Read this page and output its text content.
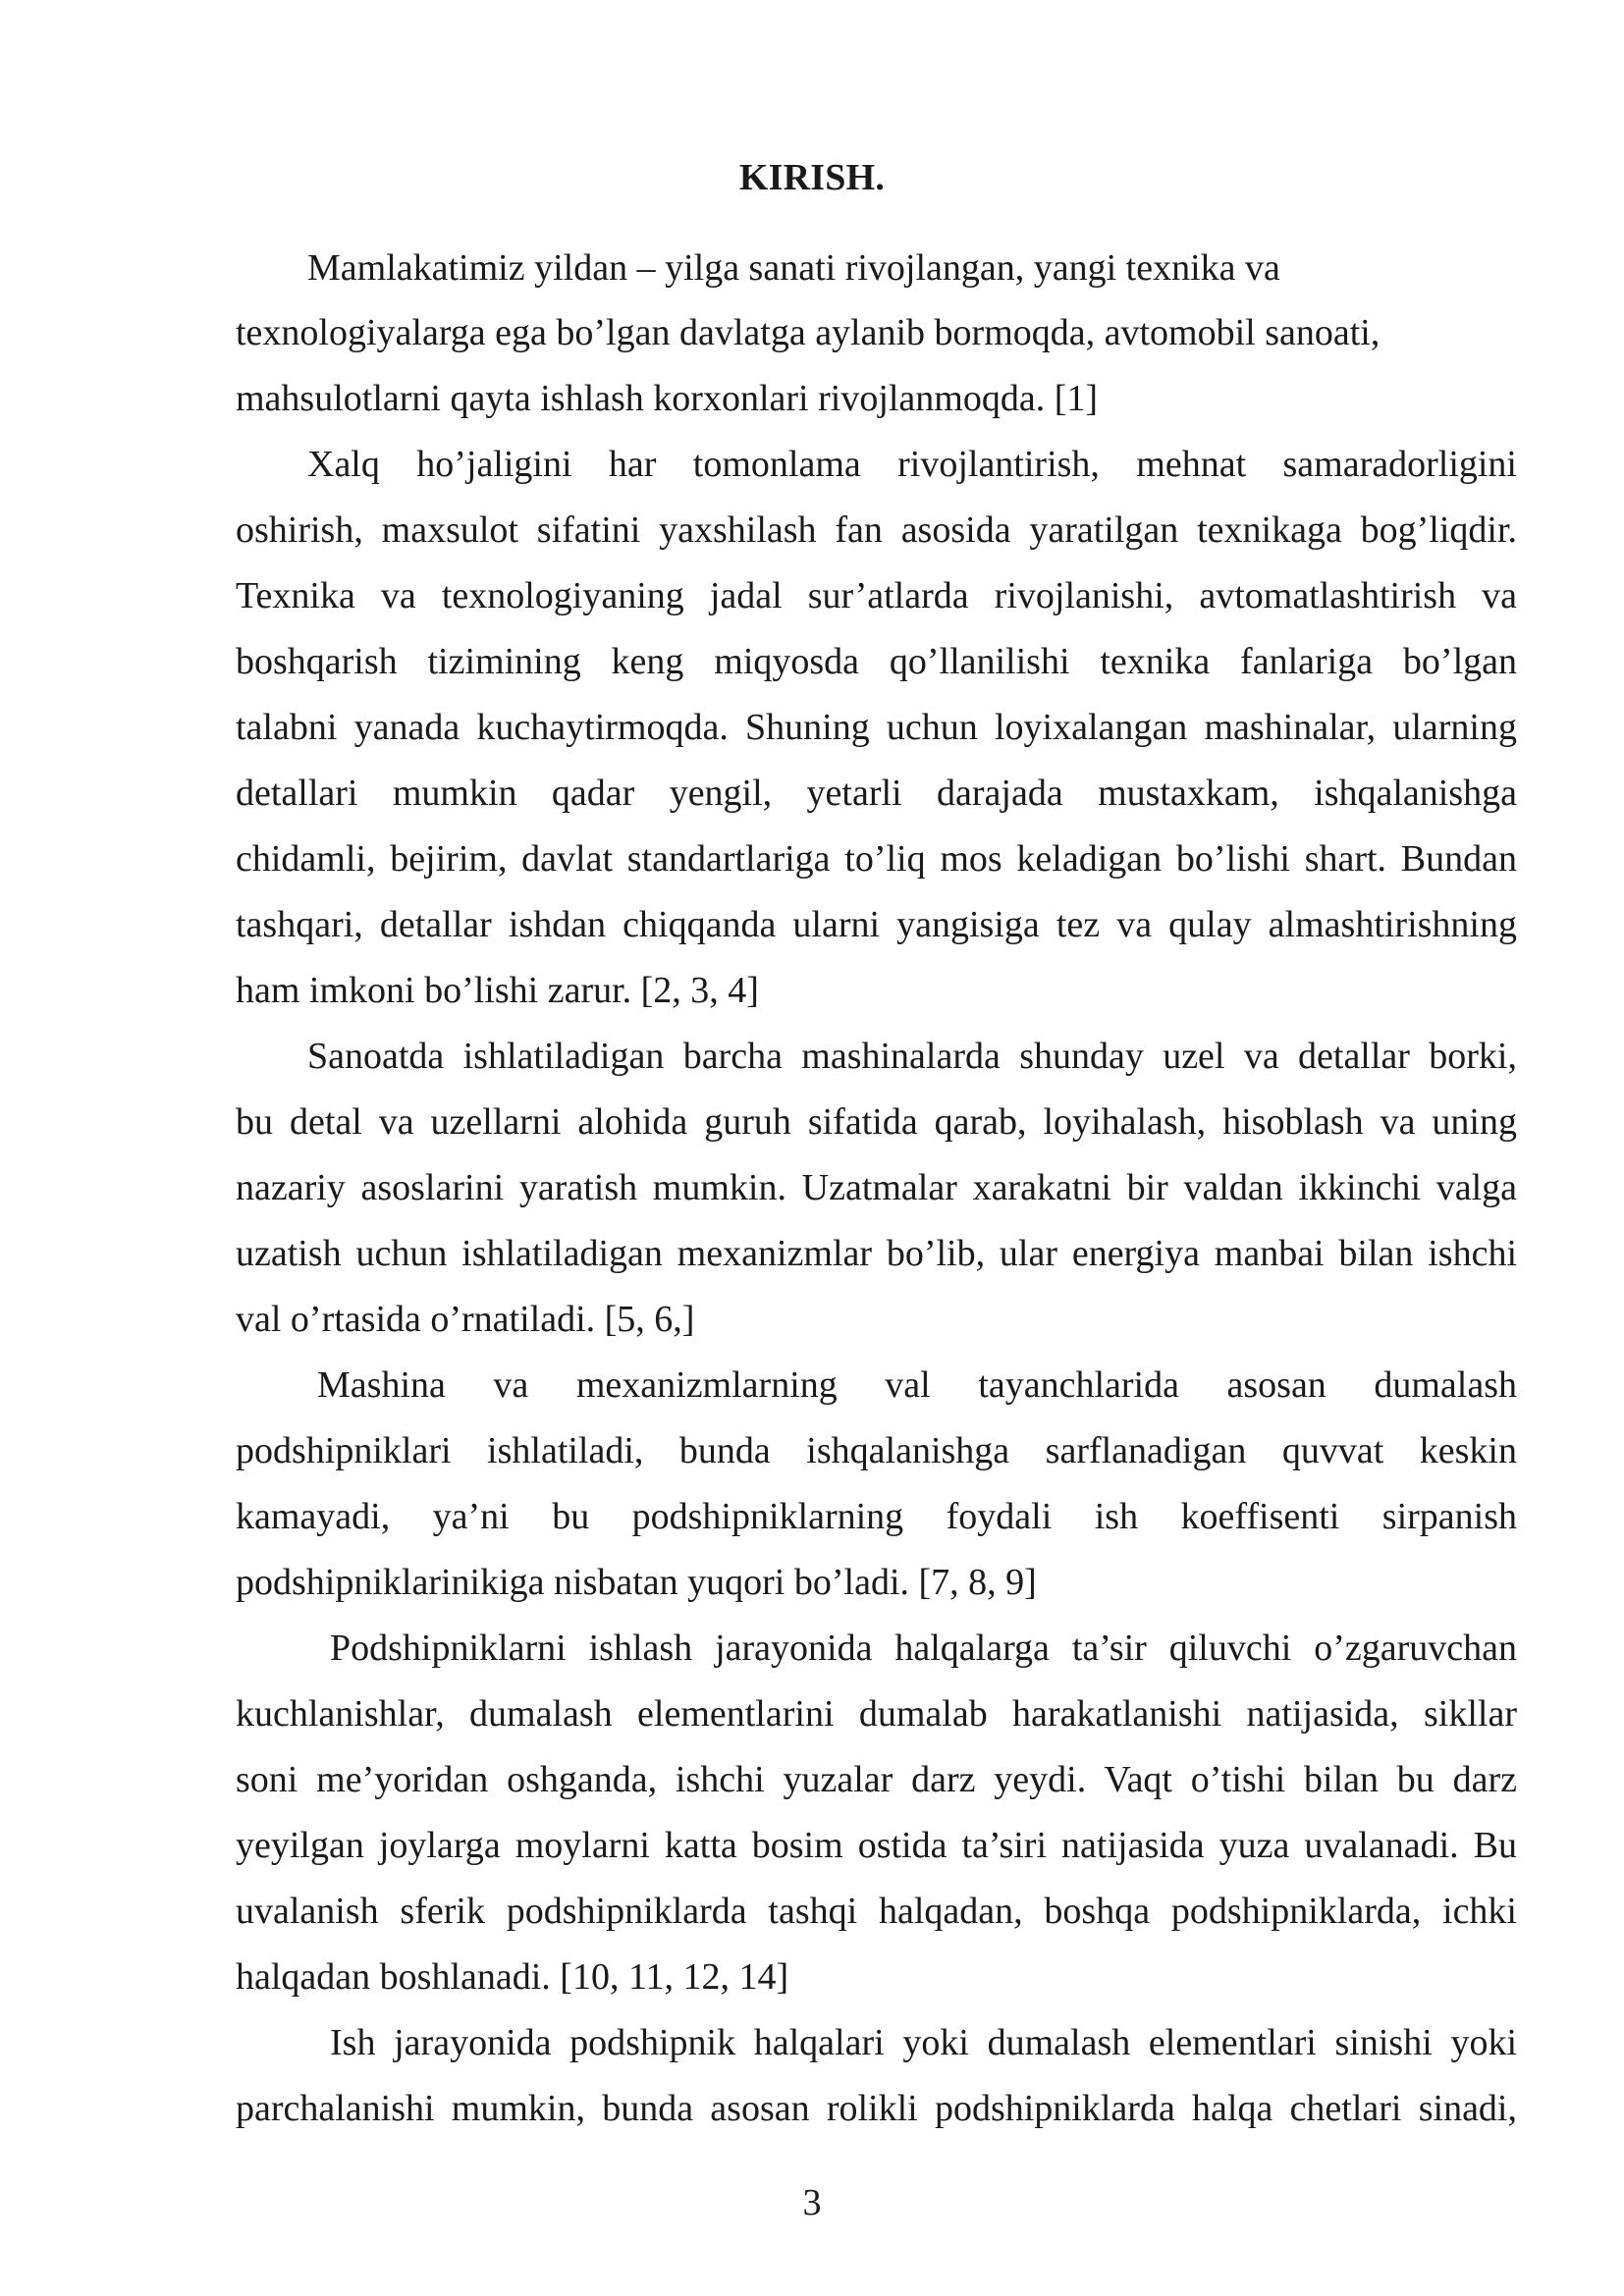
KIRISH.
Mamlakatimiz yildan – yilga sanati rivojlangan, yangi texnika va
texnologiyalarga ega bo’lgan davlatga aylanib bormoqda, avtomobil sanoati,
mahsulotlarni qayta ishlash korxonlari rivojlanmoqda. [1]
Xalq ho’jaligini har tomonlama rivojlantirish, mehnat samaradorligini
oshirish, maxsulot sifatini yaxshilash fan asosida yaratilgan texnikaga bog’liqdir.
Texnika va texnologiyaning jadal sur’atlarda rivojlanishi, avtomatlashtirish va
boshqarish tizimining keng miqyosda qo’llanilishi texnika fanlariga bo’lgan
talabni yanada kuchaytirmoqda. Shuning uchun loyixalangan mashinalar, ularning
detallari mumkin qadar yengil, yetarli darajada mustaxkam, ishqalanishga
chidamli, bejirim, davlat standartlariga to’liq mos keladigan bo’lishi shart. Bundan
tashqari, detallar ishdan chiqqanda ularni yangisiga tez va qulay almashtirishning
ham imkoni bo’lishi zarur. [2, 3, 4]
Sanoatda ishlatiladigan barcha mashinalarda shunday uzel va detallar borki,
bu detal va uzellarni alohida guruh sifatida qarab, loyihalash, hisoblash va uning
nazariy asoslarini yaratish mumkin. Uzatmalar xarakatni bir valdan ikkinchi valga
uzatish uchun ishlatiladigan mexanizmlar bo’lib, ular energiya manbai bilan ishchi
val o’rtasida o’rnatiladi. [5, 6,]
Mashina va mexanizmlarning val tayanchlarida asosan dumalash
podshipniklari ishlatiladi, bunda ishqalanishga sarflanadigan quvvat keskin
kamayadi, ya’ni bu podshipniklarning foydali ish koeffisenti sirpanish
podshipniklarinikiga nisbatan yuqori bo’ladi. [7, 8, 9]
Podshipniklarni ishlash jarayonida halqalarga ta’sir qiluvchi o’zgaruvchan
kuchlanishlar, dumalash elementlarini dumalab harakatlanishi natijasida, sikllar
soni me’yoridan oshganda, ishchi yuzalar darz yeydi. Vaqt o’tishi bilan bu darz
yeyilgan joylarga moylarni katta bosim ostida ta’siri natijasida yuza uvalanadi. Bu
uvalanish sferik podshipniklarda tashqi halqadan, boshqa podshipniklarda, ichki
halqadan boshlanadi. [10, 11, 12, 14]
Ish jarayonida podshipnik halqalari yoki dumalash elementlari sinishi yoki
parchalanishi mumkin, bunda asosan rolikli podshipniklarda halqa chetlari sinadi,
3
